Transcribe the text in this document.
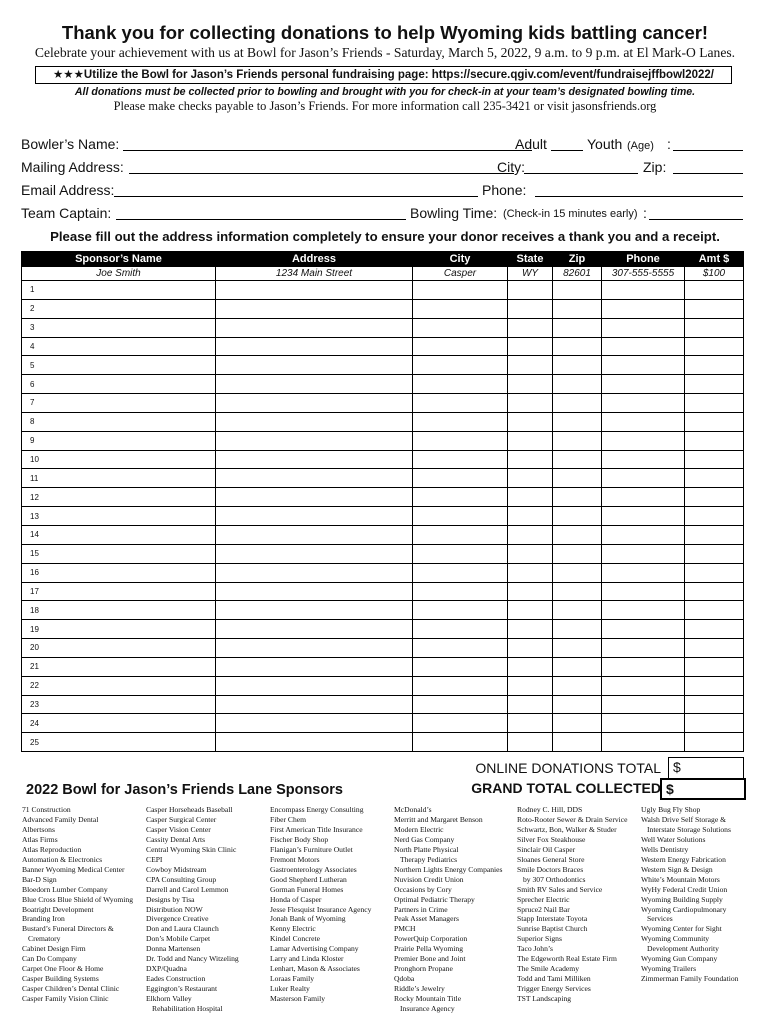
Thank you for collecting donations to help Wyoming kids battling cancer!
Celebrate your achievement with us at Bowl for Jason’s Friends - Saturday, March 5, 2022, 9 a.m. to 9 p.m. at El Mark-O Lanes.
★★★Utilize the Bowl for Jason’s Friends personal fundraising page: https://secure.qgiv.com/event/fundraisejffbowl2022/
All donations must be collected prior to bowling and brought with you for check-in at your team’s designated bowling time.
Please make checks payable to Jason’s Friends. For more information call 235-3421 or visit jasonsfriends.org
Bowler’s Name:	Adult	Youth (Age) :
Mailing Address:	City:	Zip:
Email Address:	Phone:
Team Captain:	Bowling Time: (Check-in 15 minutes early) :
Please fill out the address information completely to ensure your donor receives a thank you and a receipt.
Sponsor’s Name	Address	City	State	Zip	Phone	Amt $
Joe Smith	1234 Main Street	Casper	WY	82601	307-555-5555	$100
1						
2						
3						
4						
5						
6						
7						
8						
9						
10						
11						
12						
13						
14						
15						
16						
17						
18						
19						
20						
21						
22						
23						
24						
25						
ONLINE DONATIONS TOTAL $
GRAND TOTAL COLLECTED $
2022 Bowl for Jason’s Friends Lane Sponsors
71 Construction
Advanced Family Dental
Albertsons
Atlas Firms
Atlas Reproduction
Automation & Electronics
Banner Wyoming Medical Center
Bar-D Sign
Bloedorn Lumber Company
Blue Cross Blue Shield of Wyoming
Boatright Development
Branding Iron
Bustard’s Funeral Directors &
Crematory
Cabinet Design Firm
Can Do Company
Carpet One Floor & Home
Casper Building Systems
Casper Children’s Dental Clinic
Casper Family Vision Clinic
Casper Horseheads Baseball
Casper Surgical Center
Casper Vision Center
Cassity Dental Arts
Central Wyoming Skin Clinic
CEPI
Cowboy Midstream
CPA Consulting Group
Darrell and Carol Lemmon
Designs by Tisa
Distribution NOW
Divergence Creative
Don and Laura Claunch
Don’s Mobile Carpet
Donna Martensen
Dr. Todd and Nancy Witzeling
DXP/Quadna
Eades Construction
Eggington’s Restaurant
Elkhorn Valley
Rehabilitation Hospital
Encompass Energy Consulting
Fiber Chem
First American Title Insurance
Fischer Body Shop
Flanigan’s Furniture Outlet
Fremont Motors
Gastroenterology Associates
Good Shepherd Lutheran
Gorman Funeral Homes
Honda of Casper
Jesse Flesquist Insurance Agency
Jonah Bank of Wyoming
Kenny Electric
Kindel Concrete
Lamar Advertising Company
Larry and Linda Kloster
Lenhart, Mason & Associates
Loraas Family
Luker Realty
Masterson Family
McDonald’s
Merritt and Margaret Benson
Modern Electric
Nerd Gas Company
North Platte Physical
Therapy Pediatrics
Northern Lights Energy Companies
Nuvision Credit Union
Occasions by Cory
Optimal Pediatric Therapy
Partners in Crime
Peak Asset Managers
PMCH
PowerQuip Corporation
Prairie Pella Wyoming
Premier Bone and Joint
Pronghorn Propane
Qdoba
Riddle’s Jewelry
Rocky Mountain Title
Insurance Agency
Rodney C. Hill, DDS
Roto-Rooter Sewer & Drain Service
Schwartz, Bon, Walker & Studer
Silver Fox Steakhouse
Sinclair Oil Casper
Sloanes General Store
Smile Doctors Braces
by 307 Orthodontics
Smith RV Sales and Service
Sprecher Electric
Spruce2 Nail Bar
Stapp Interstate Toyota
Sunrise Baptist Church
Superior Signs
Taco John’s
The Edgeworth Real Estate Firm
The Smile Academy
Todd and Tami Milliken
Trigger Energy Services
TST Landscaping
Ugly Bug Fly Shop
Walsh Drive Self Storage &
Interstate Storage Solutions
Well Water Solutions
Wells Dentistry
Western Energy Fabrication
Western Sign & Design
White’s Mountain Motors
WyHy Federal Credit Union
Wyoming Building Supply
Wyoming Cardiopulmonary
Services
Wyoming Center for Sight
Wyoming Community
Development Authority
Wyoming Gun Company
Wyoming Trailers
Zimmerman Family Foundation
